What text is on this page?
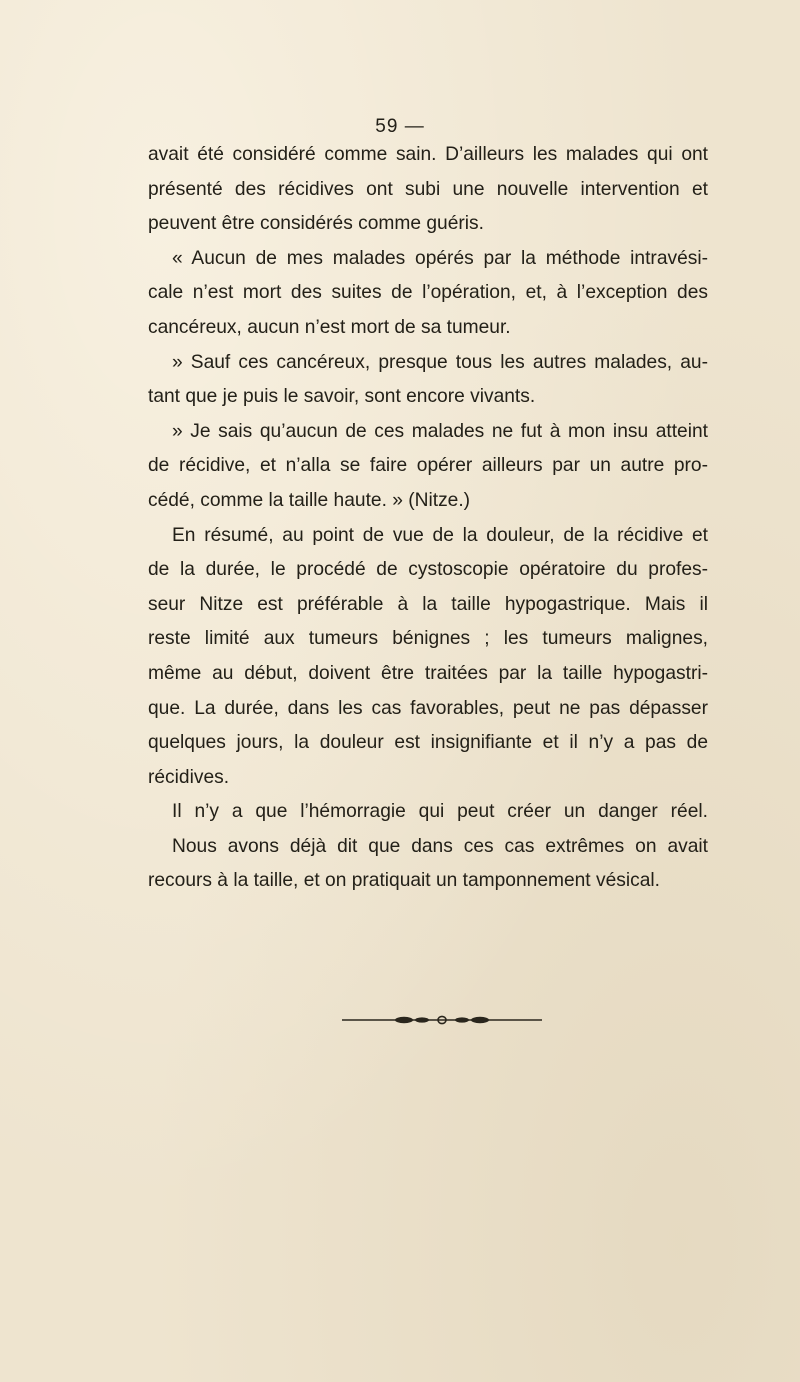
59 —
avait été considéré comme sain. D’ailleurs les malades qui ont
présenté des récidives ont subi une nouvelle intervention et
peuvent être considérés comme guéris.
« Aucun de mes malades opérés par la méthode intravési-
cale n’est mort des suites de l’opération, et, à l’exception des
cancéreux, aucun n’est mort de sa tumeur.
» Sauf ces cancéreux, presque tous les autres malades, au-
tant que je puis le savoir, sont encore vivants.
» Je sais qu’aucun de ces malades ne fut à mon insu atteint
de récidive, et n’alla se faire opérer ailleurs par un autre pro-
cédé, comme la taille haute. » (Nitze.)
En résumé, au point de vue de la douleur, de la récidive et
de la durée, le procédé de cystoscopie opératoire du profes-
seur Nitze est préférable à la taille hypogastrique. Mais il
reste limité aux tumeurs bénignes ; les tumeurs malignes,
même au début, doivent être traitées par la taille hypogastri-
que. La durée, dans les cas favorables, peut ne pas dépasser
quelques jours, la douleur est insignifiante et il n’y a pas de
récidives.
Il n’y a que l’hémorragie qui peut créer un danger réel.
Nous avons déjà dit que dans ces cas extrêmes on avait
recours à la taille, et on pratiquait un tamponnement vésical.
